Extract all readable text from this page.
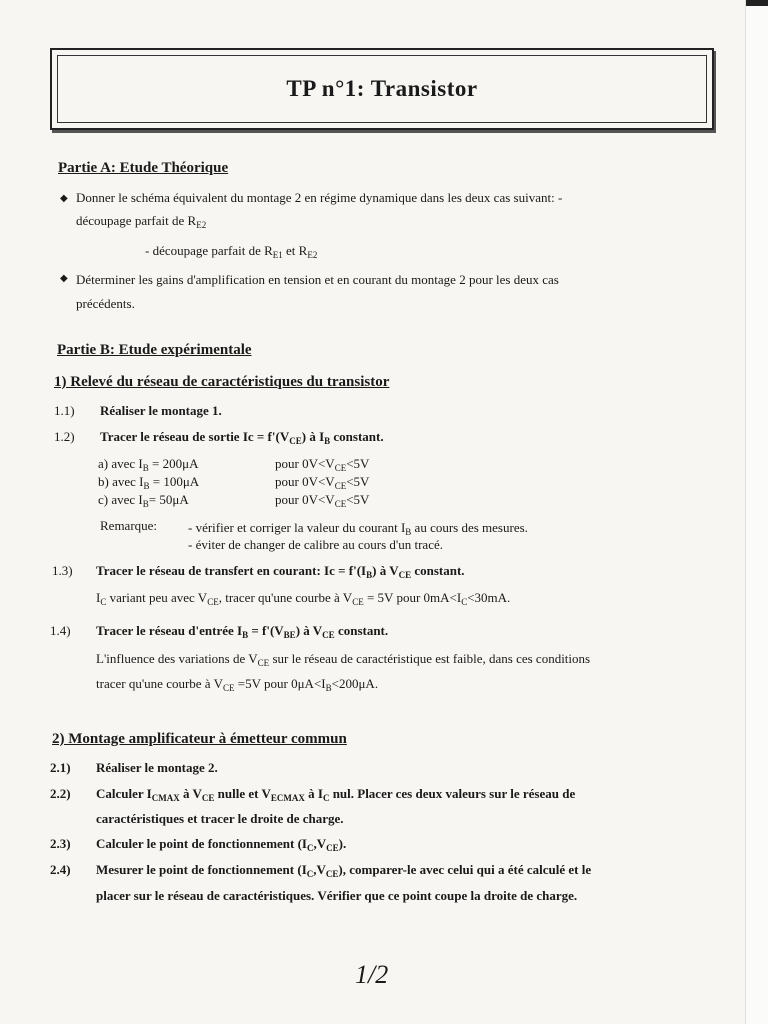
TP n°1: Transistor
Partie A: Etude Théorique
◆ Donner le schéma équivalent du montage 2 en régime dynamique dans les deux cas suivant: -
découpage parfait de $R_{E2}$
- découpage parfait de $R_{E1}$ et $R_{E2}$
◆ Déterminer les gains d'amplification en tension et en courant du montage 2 pour les deux cas
précédents.
Partie B: Etude expérimentale
1) Relevé du réseau de caractéristiques du transistor
1.1) Réaliser le montage 1.
1.2) Tracer le réseau de sortie $Ic = f'(V_{CE})$ à $I_B$ constant.
a) avec $I_B = 200\mu A$	pour $0V<V_{CE}<5V$
b) avec $I_B = 100\mu A$	pour $0V<V_{CE}<5V$
c) avec $I_B= 50\mu A$	pour $0V<V_{CE}<5V$
Remarque: - vérifier et corriger la valeur du courant $I_B$ au cours des mesures.
- éviter de changer de calibre au cours d'un tracé.
1.3) Tracer le réseau de transfert en courant: $Ic = f'(I_B)$ à $V_{CE}$ constant.
$I_C$ variant peu avec $V_{CE}$, tracer qu'une courbe à $V_{CE} = 5V$ pour $0mA<I_C<30mA$.
1.4) Tracer le réseau d'entrée $I_B = f'(V_{BE})$ à $V_{CE}$ constant.
L'influence des variations de $V_{CE}$ sur le réseau de caractéristique est faible, dans ces conditions
tracer qu'une courbe à $V_{CE} =5V$ pour $0\mu A<I_B<200\mu A$.
2) Montage amplificateur à émetteur commun
2.1) Réaliser le montage 2.
2.2) Calculer $I_{CMAX}$ à $V_{CE}$ nulle et $V_{ECMAX}$ à $I_C$ nul. Placer ces deux valeurs sur le réseau de
caractéristiques et tracer le droite de charge.
2.3) Calculer le point de fonctionnement $(I_C,V_{CE})$.
2.4) Mesurer le point de fonctionnement $(I_C,V_{CE})$, comparer-le avec celui qui a été calculé et le
placer sur le réseau de caractéristiques. Vérifier que ce point coupe la droite de charge.
1/2
